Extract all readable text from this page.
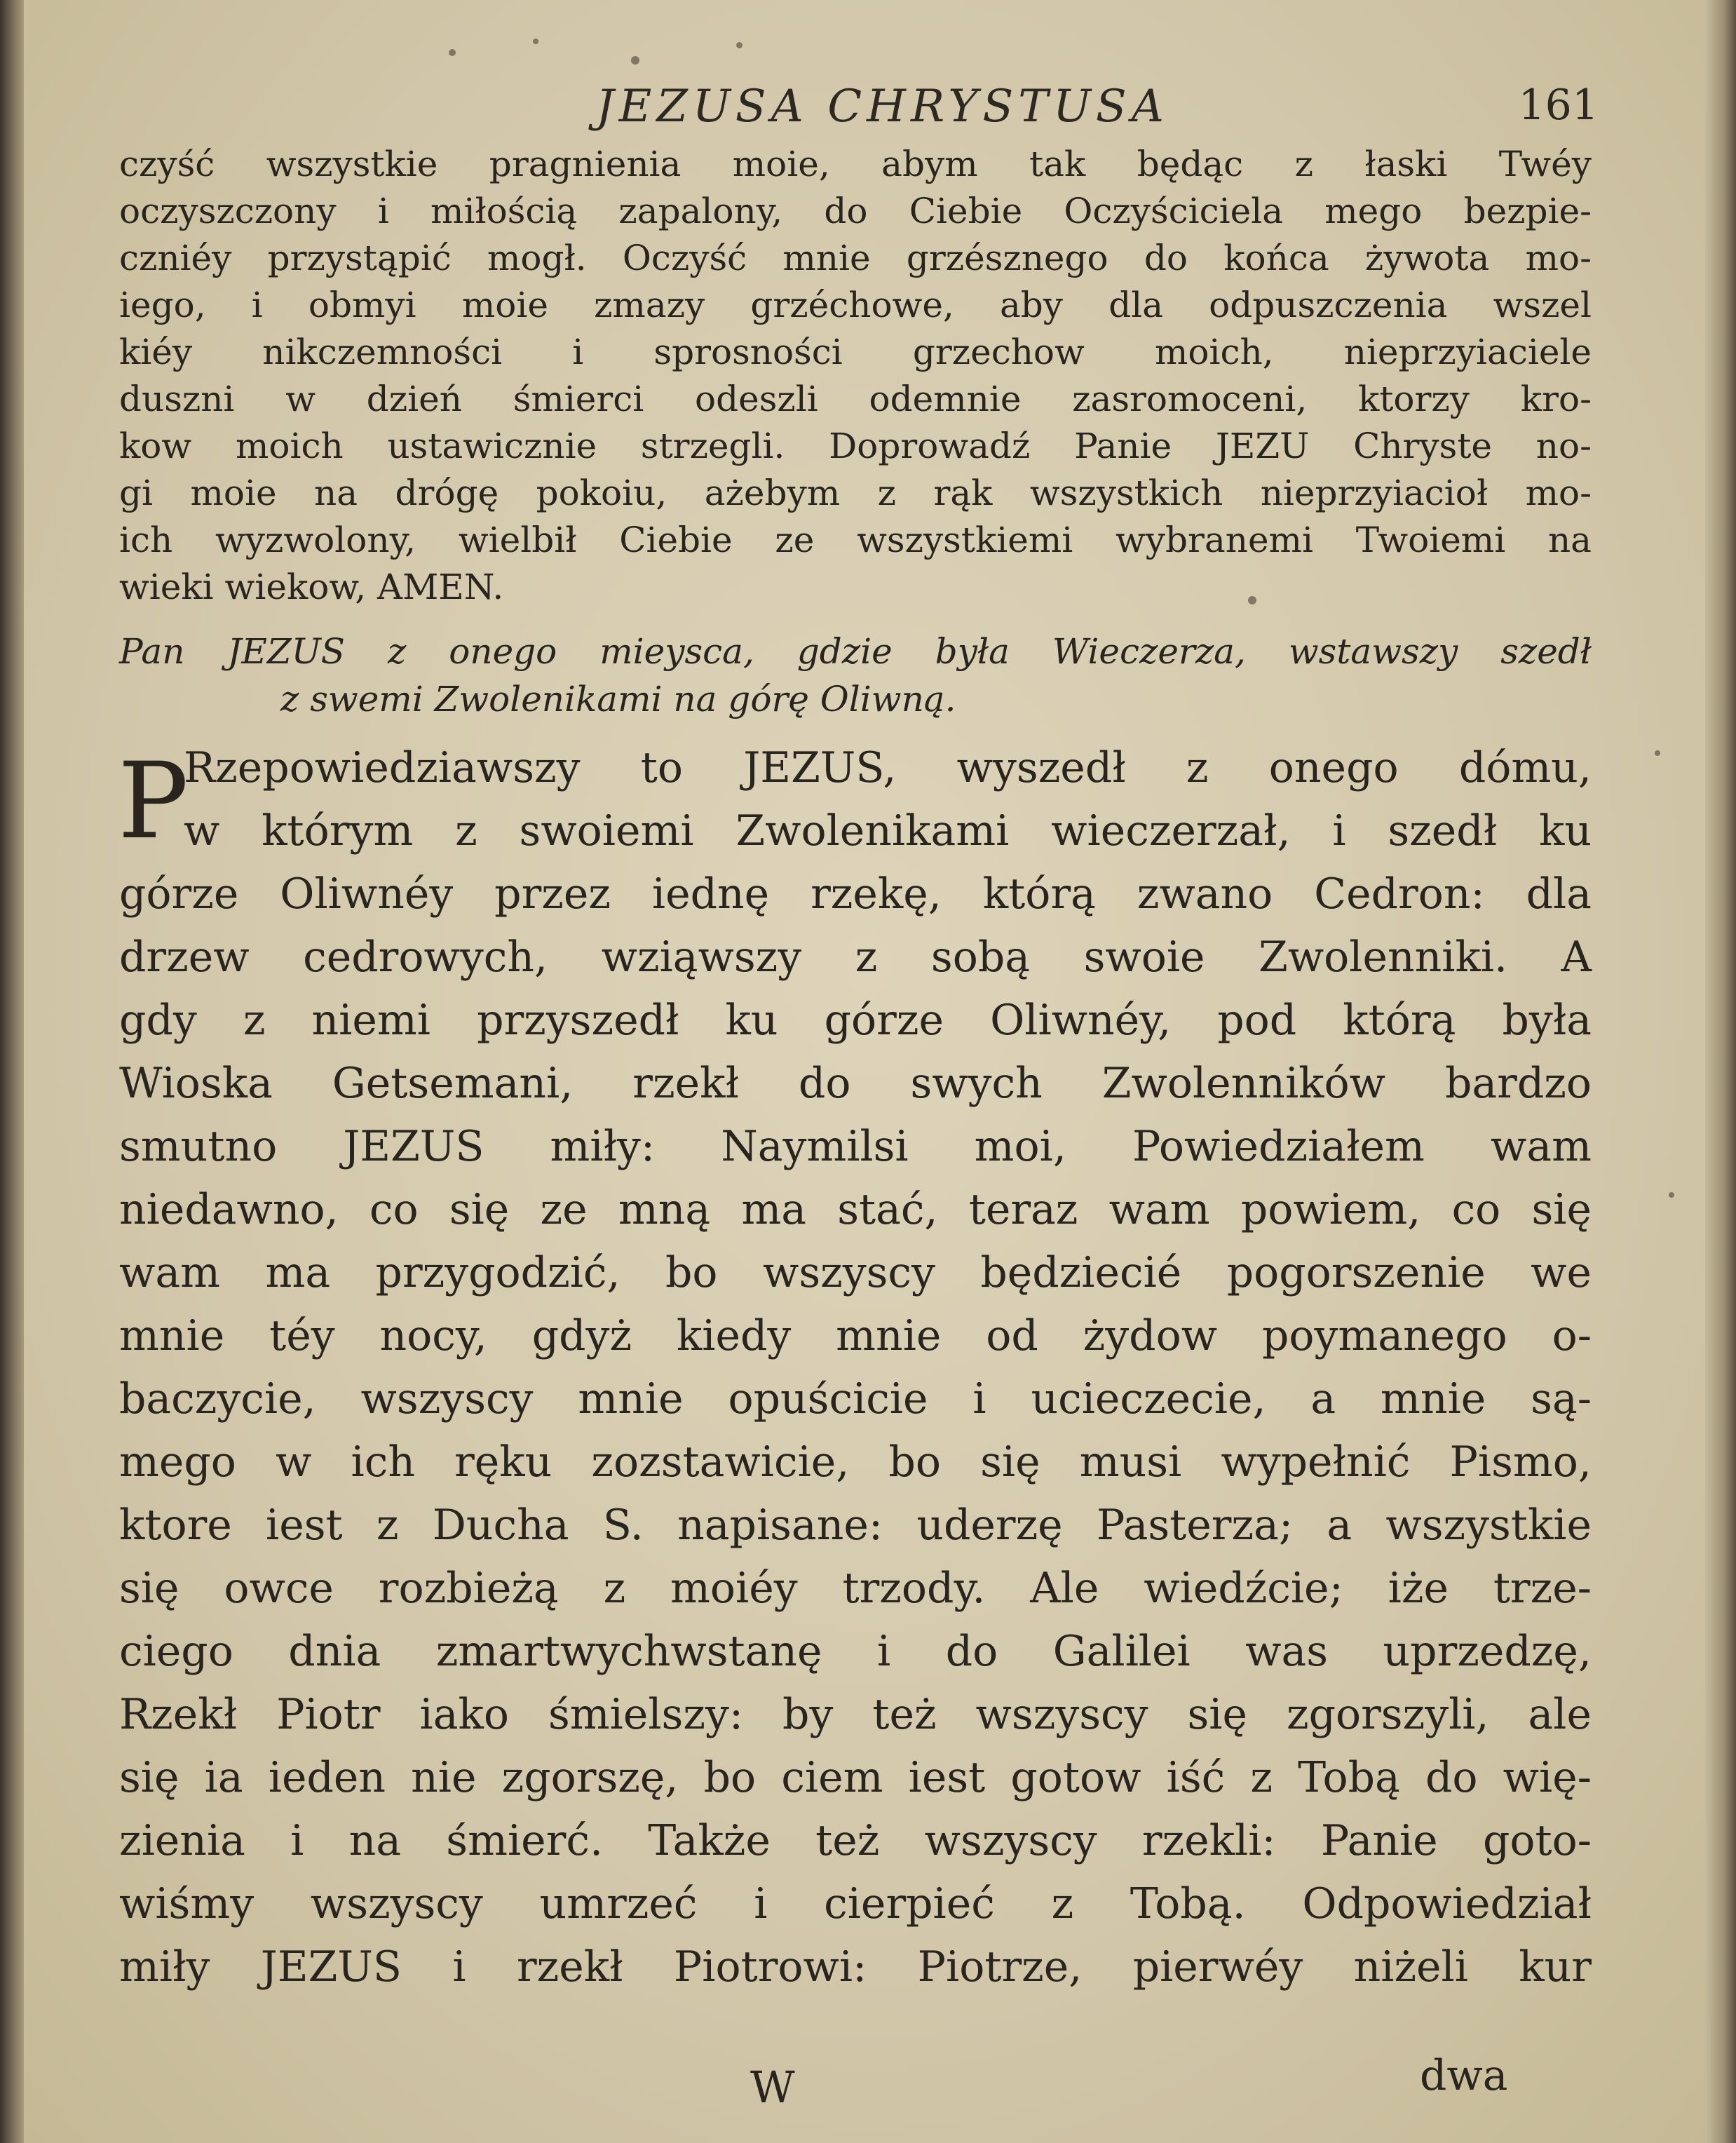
JEZUSA CHRYSTUSA	161
czyść wszystkie pragnienia moie, abym tak będąc z łaski Twéy
oczyszczony i miłością zapalony, do Ciebie Oczyściciela mego bezpie-
czniéy przystąpić mogł. Oczyść mnie grzésznego do końca żywota mo-
iego, i obmyi moie zmazy grzéchowe, aby dla odpuszczenia wszel
kiéy nikczemności i sprosności grzechow moich, nieprzyiaciele
duszni w dzień śmierci odeszli odemnie zasromoceni, ktorzy kro-
kow moich ustawicznie strzegli. Doprowadź Panie JEZU Chryste no-
gi moie na drógę pokoiu, ażebym z rąk wszystkich nieprzyiacioł mo-
ich wyzwolony, wielbił Ciebie ze wszystkiemi wybranemi Twoiemi na
wieki wiekow, AMEN.
Pan JEZUS z onego mieysca, gdzie była Wieczerza, wstawszy szedł
z swemi Zwolenikami na górę Oliwną.
P
Rzepowiedziawszy to JEZUS, wyszedł z onego dómu,
w którym z swoiemi Zwolenikami wieczerzał, i szedł ku
górze Oliwnéy przez iednę rzekę, którą zwano Cedron: dla
drzew cedrowych, wziąwszy z sobą swoie Zwolenniki. A
gdy z niemi przyszedł ku górze Oliwnéy, pod którą była
Wioska Getsemani, rzekł do swych Zwolenników bardzo
smutno JEZUS miły: Naymilsi moi, Powiedziałem wam
niedawno, co się ze mną ma stać, teraz wam powiem, co się
wam ma przygodzić, bo wszyscy będziecié pogorszenie we
mnie téy nocy, gdyż kiedy mnie od żydow poymanego o-
baczycie, wszyscy mnie opuścicie i ucieczecie, a mnie są-
mego w ich ręku zozstawicie, bo się musi wypełnić Pismo,
ktore iest z Ducha S. napisane: uderzę Pasterza; a wszystkie
się owce rozbieżą z moiéy trzody. Ale wiedźcie; iże trze-
ciego dnia zmartwychwstanę i do Galilei was uprzedzę,
Rzekł Piotr iako śmielszy: by też wszyscy się zgorszyli, ale
się ia ieden nie zgorszę, bo ciem iest gotow iść z Tobą do wię-
zienia i na śmierć. Także też wszyscy rzekli: Panie goto-
wiśmy wszyscy umrzeć i cierpieć z Tobą. Odpowiedział
miły JEZUS i rzekł Piotrowi: Piotrze, pierwéy niżeli kur
W	dwa
